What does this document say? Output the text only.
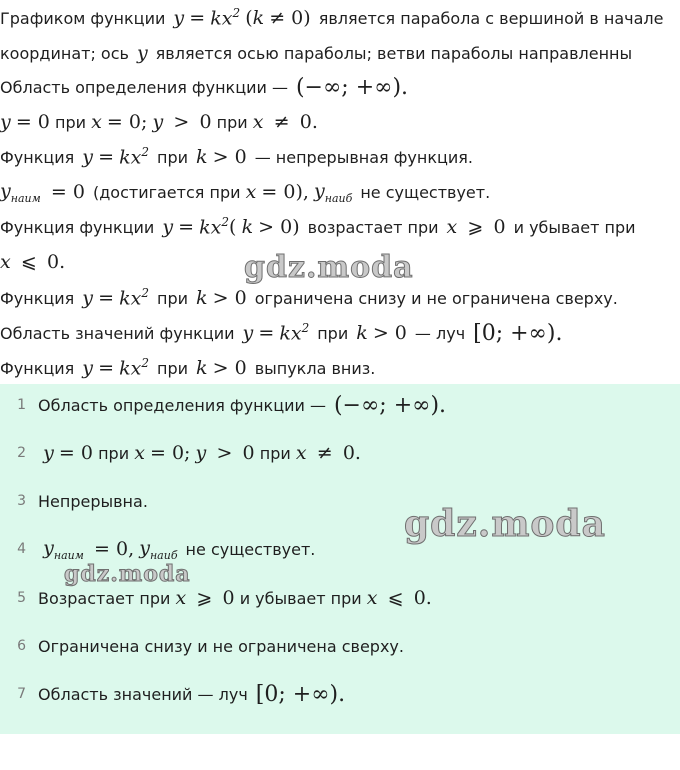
Графиком функции y
=
$kx^2$
( k
≠ 0) является парабола с вершиной в начале
координат; ось y является осью параболы; ветви параболы направленны
Область определения функции — (−∞; +∞).
y
= 0
при
x
= 0;
y
>
0
при
x
≠
0.
Функция y
=
$kx^2$ при k
> 0 — непрерывная функция.
$y_{наим}$
= 0 (достигается при
x
= 0),
$y_{наиб}$ не существует.
Функция функции y
=
$kx^2$ (
k
> 0) возрастает при x
⩾
0 и убывает при
x
⩽
0.
Функция y
=
$kx^2$ при k
> 0 ограничена снизу и не ограничена сверху.
Область значений функции y
=
$kx^2$ при k
> 0 — луч [0; +∞).
Функция y
=
$kx^2$ при k
> 0 выпукла вниз.
1 Область определения функции — (−∞; +∞).
2
y
= 0
при
x
= 0;
y
>
0
при
x
≠
0.
3 Непрерывна.
4
$y_{наим}$
= 0,
$y_{наиб}$ не существует.
5 Возрастает при
x
⩾
0
и убывает при
x
⩽
0.
6 Ограничена снизу и не ограничена сверху.
7 Область значений — луч [0; +∞).
gdz.moda
gdz.moda
gdz.moda
